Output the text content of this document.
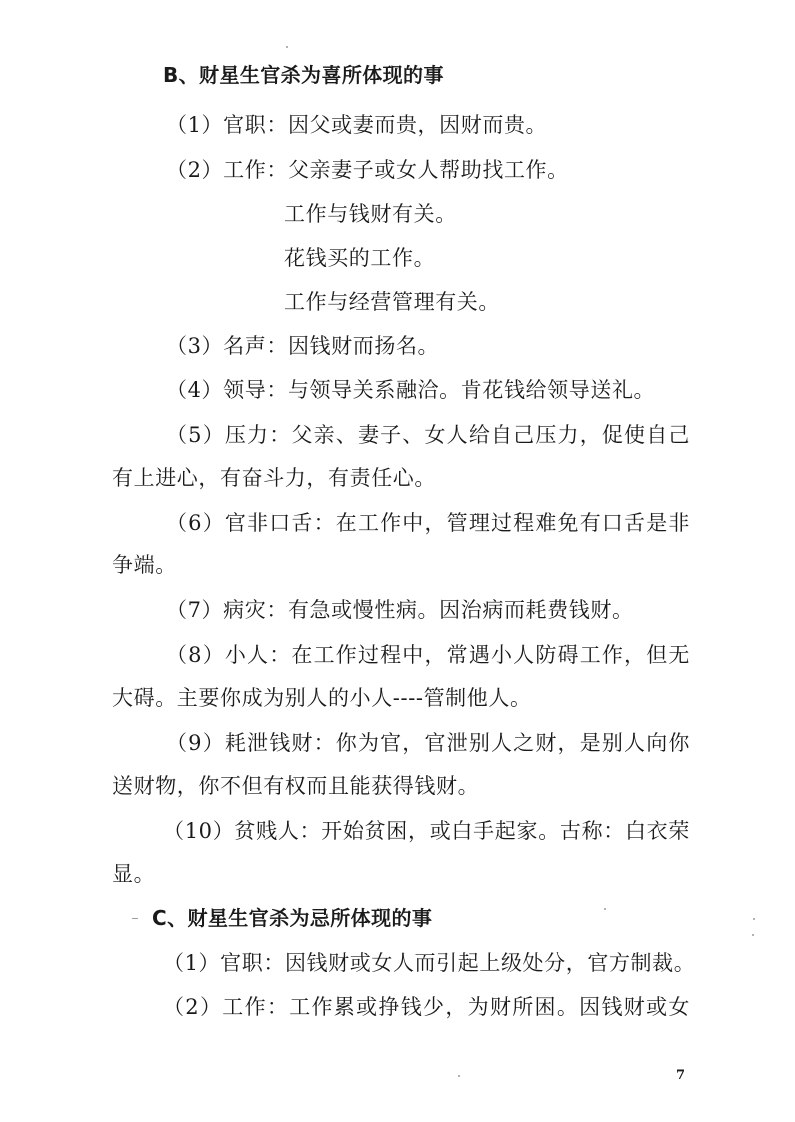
B、财星生官杀为喜所体现的事
（1）官职：因父或妻而贵，因财而贵。
（2）工作：父亲妻子或女人帮助找工作。
工作与钱财有关。
花钱买的工作。
工作与经营管理有关。
（3）名声：因钱财而扬名。
（4）领导：与领导关系融洽。肯花钱给领导送礼。
（5）压力：父亲、妻子、女人给自己压力，促使自己
有上进心，有奋斗力，有责任心。
（6）官非口舌：在工作中，管理过程难免有口舌是非
争端。
（7）病灾：有急或慢性病。因治病而耗费钱财。
（8）小人：在工作过程中，常遇小人防碍工作，但无
大碍。主要你成为别人的小人----管制他人。
（9）耗泄钱财：你为官，官泄别人之财，是别人向你
送财物，你不但有权而且能获得钱财。
（10）贫贱人：开始贫困，或白手起家。古称：白衣荣
显。
C、财星生官杀为忌所体现的事
（1）官职：因钱财或女人而引起上级处分，官方制裁。
（2）工作：工作累或挣钱少，为财所困。因钱财或女
7
